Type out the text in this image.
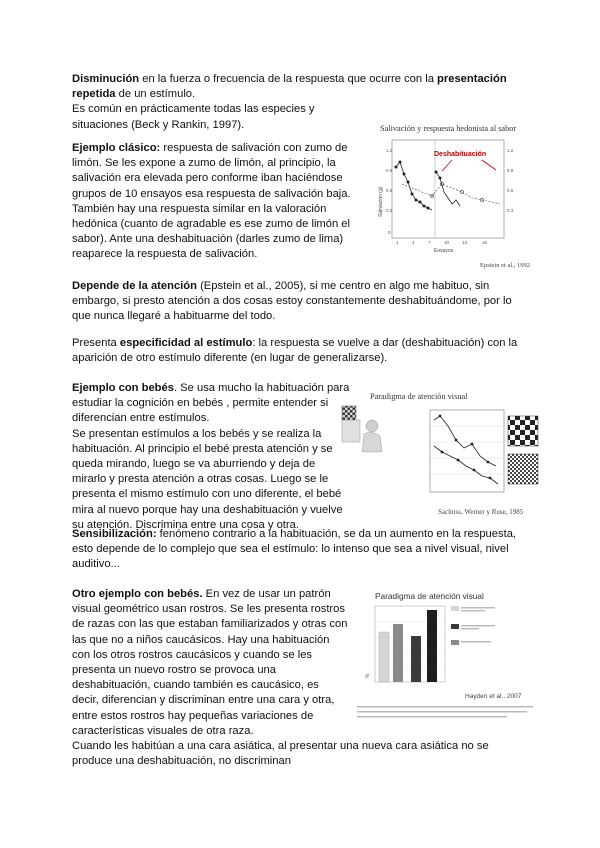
Disminución en la fuerza o frecuencia de la respuesta que ocurre con la presentación repetida de un estímulo.
Es común en prácticamente todas las especies y
situaciones (Beck y Rankin, 1997).

Ejemplo clásico: respuesta de salivación con zumo de
limón. Se les expone a zumo de limón, al principio, la
salivación era elevada pero conforme iban haciéndose
grupos de 10 ensayos esa respuesta de salivación baja.
También hay una respuesta similar en la valoración
hedónica (cuanto de agradable es ese zumo de limón el
sabor). Ante una deshabituación (darles zumo de lima)
reaparece la respuesta de salivación.

Salivación y respuesta hedonista al sabor
Deshabituación
1.2
0.9
0.6
0.3
0
1.2
0.9
0.6
0.3
1	4	7	10	13	16
Ensayos
Salivación (g)
Epstein et al., 1992

Depende de la atención (Epstein et al., 2005), si me centro en algo me habituo, sin embargo, si presto atención a dos cosas estoy constantemente deshabituándome, por lo que nunca llegaré a habituarme del todo.

Presenta especificidad al estímulo: la respuesta se vuelve a dar (deshabituación) con la aparición de otro estímulo diferente (en lugar de generalizarse).

Ejemplo con bebés. Se usa mucho la habituación para
estudiar la cognición en bebés , permite entender si
diferencian entre estímulos.
Se presentan estímulos a los bebés y se realiza la
habituación. Al principio el bebé presta atención y se
queda mirando, luego se va aburriendo y deja de
mirarlo y presta atención a otras cosas. Luego se le
presenta el mismo estímulo con uno diferente, el bebé
mira al nuevo porque hay una deshabituación y vuelve
su atención. Discrimina entre una cosa y otra.

Paradigma de atención visual
Saclniss, Werner y Ruse, 1985

Sensibilización: fenómeno contrario a la habituación, se da un aumento en la respuesta, esto depende de lo complejo que sea el estímulo: lo intenso que sea a nivel visual, nivel auditivo...

Otro ejemplo con bebés. En vez de usar un patrón
visual geométrico usan rostros. Se les presenta rostros
de razas con las que estaban familiarizados y otras con
las que no a niños caucásicos. Hay una habituación
con los otros rostros caucásicos y cuando se les
presenta un nuevo rostro se provoca una
deshabituación, cuando también es caucásico, es
decir, diferencian y discriminan entre una cara y otra,
entre estos rostros hay pequeñas variaciones de
características visuales de otra raza.
Cuando les habitúan a una cara asiática, al presentar una nueva cara asiática no se
produce una deshabituación, no discriminan

Paradigma de atención visual
%
Hayden et al., 2007
